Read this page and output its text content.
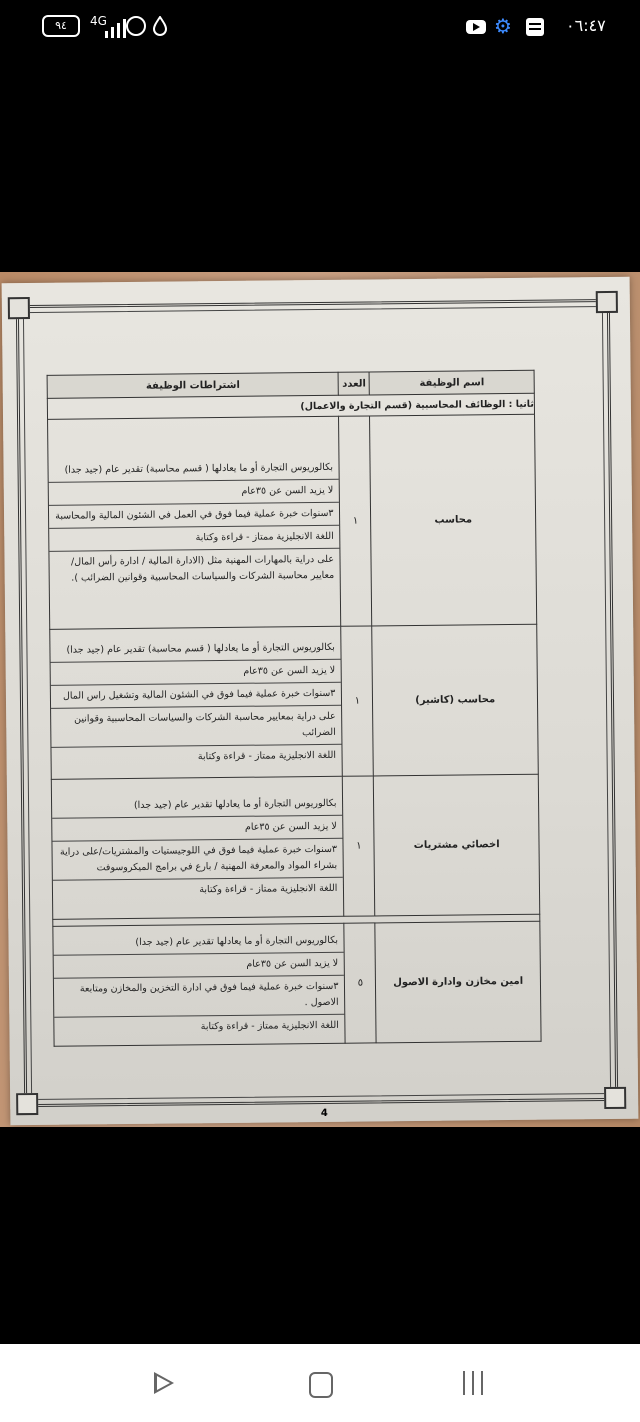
٩٤	4G	⚙	٠٦:٤٧
اسم الوظيفة	العدد	اشتراطات الوظيفة
ثانيا : الوظائف المحاسبية (قسم التجارة والاعمال)		
محاسب	١	بكالوريوس التجارة أو ما يعادلها ( قسم محاسبة) تقدير عام (جيد جدا)
لا يزيد السن عن ٣٥عام
٣سنوات خبرة عملية فيما فوق في العمل في الشئون المالية والمحاسبة
اللغة الانجليزية ممتاز - قراءة وكتابة
على دراية بالمهارات المهنية مثل (الادارة المالية / ادارة رأس المال/ معايير محاسبة الشركات والسياسات المحاسبية وقوانين الضرائب ).

محاسب (كاشير)	١	بكالوريوس التجارة أو ما يعادلها ( قسم محاسبة) تقدير عام (جيد جدا)
لا يزيد السن عن ٣٥عام
٣سنوات خبرة عملية فيما فوق في الشئون المالية وتشغيل راس المال
على دراية بمعايير محاسبة الشركات والسياسات المحاسبية وقوانين الضرائب
اللغة الانجليزية ممتاز - قراءة وكتابة

اخصائي مشتريات	١	بكالوريوس التجارة أو ما يعادلها تقدير عام (جيد جدا)
لا يزيد السن عن ٣٥عام
٣سنوات خبرة عملية فيما فوق في اللوجيستيات والمشتريات/على دراية بشراء المواد والمعرفة المهنية / بارع في برامج الميكروسوفت
اللغة الانجليزية ممتاز - قراءة وكتابة

امين مخازن وادارة الاصول	٥	بكالوريوس التجارة أو ما يعادلها تقدير عام (جيد جدا)
لا يزيد السن عن ٣٥عام
٣سنوات خبرة عملية فيما فوق في ادارة التخزين والمخازن ومتابعة الاصول .
اللغة الانجليزية ممتاز - قراءة وكتابة
4
